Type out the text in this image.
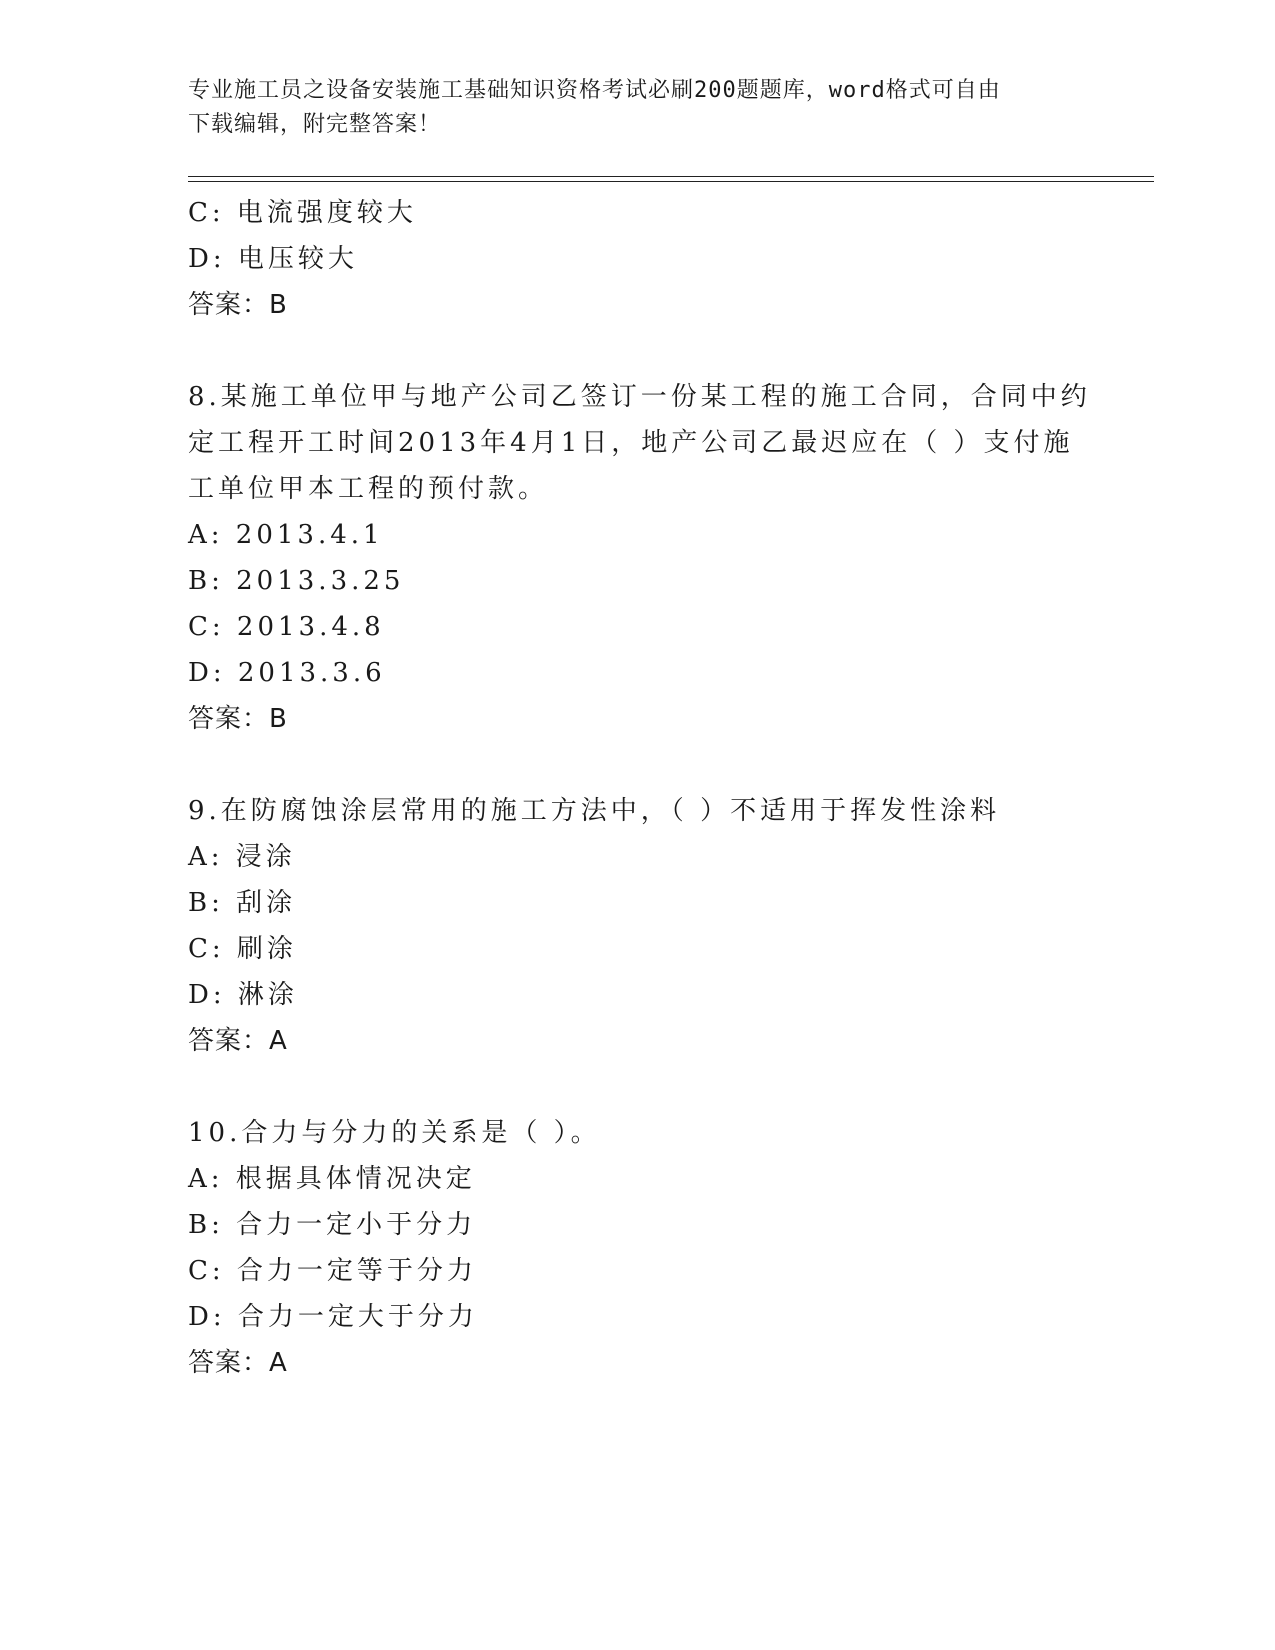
专业施工员之设备安装施工基础知识资格考试必刷200题题库，word格式可自由
下载编辑，附完整答案！
C: 电流强度较大
D: 电压较大
答案：B
8.某施工单位甲与地产公司乙签订一份某工程的施工合同，合同中约
定工程开工时间2013年4月1日，地产公司乙最迟应在（ ）支付施
工单位甲本工程的预付款。
A: 2013.4.1
B: 2013.3.25
C: 2013.4.8
D: 2013.3.6
答案：B
9.在防腐蚀涂层常用的施工方法中，（ ）不适用于挥发性涂料
A: 浸涂
B: 刮涂
C: 刷涂
D: 淋涂
答案：A
10.合力与分力的关系是（ ）。
A: 根据具体情况决定
B: 合力一定小于分力
C: 合力一定等于分力
D: 合力一定大于分力
答案：A
